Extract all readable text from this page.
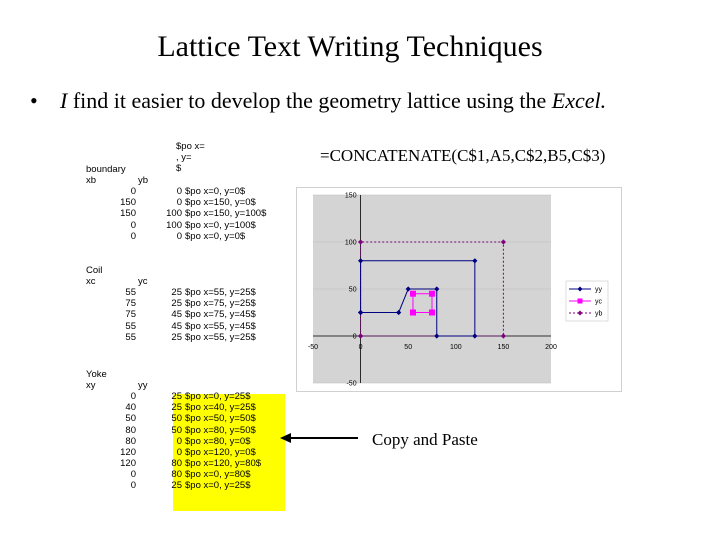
Lattice Text Writing Techniques
• I find it easier to develop the geometry lattice using the Excel.
=CONCATENATE(C$1,A5,C$2,B5,C$3)
$po x=
, y=
$
boundary
xb	yb
0	0 $po x=0, y=0$
150	0 $po x=150, y=0$
150	100 $po x=150, y=100$
0	100 $po x=0, y=100$
0	0 $po x=0, y=0$
Coil
xc	yc
55	25 $po x=55, y=25$
75	25 $po x=75, y=25$
75	45 $po x=75, y=45$
55	45 $po x=55, y=45$
55	25 $po x=55, y=25$
Yoke
xy	yy
0	25 $po x=0, y=25$
40	25 $po x=40, y=25$
50	50 $po x=50, y=50$
80	50 $po x=80, y=50$
80	0 $po x=80, y=0$
120	0 $po x=120, y=0$
120	80 $po x=120, y=80$
0	80 $po x=0, y=80$
0	25 $po x=0, y=25$
-50	0	50	100	150	200
150
100
50
0
-50
yy
yc
yb
Copy and Paste
